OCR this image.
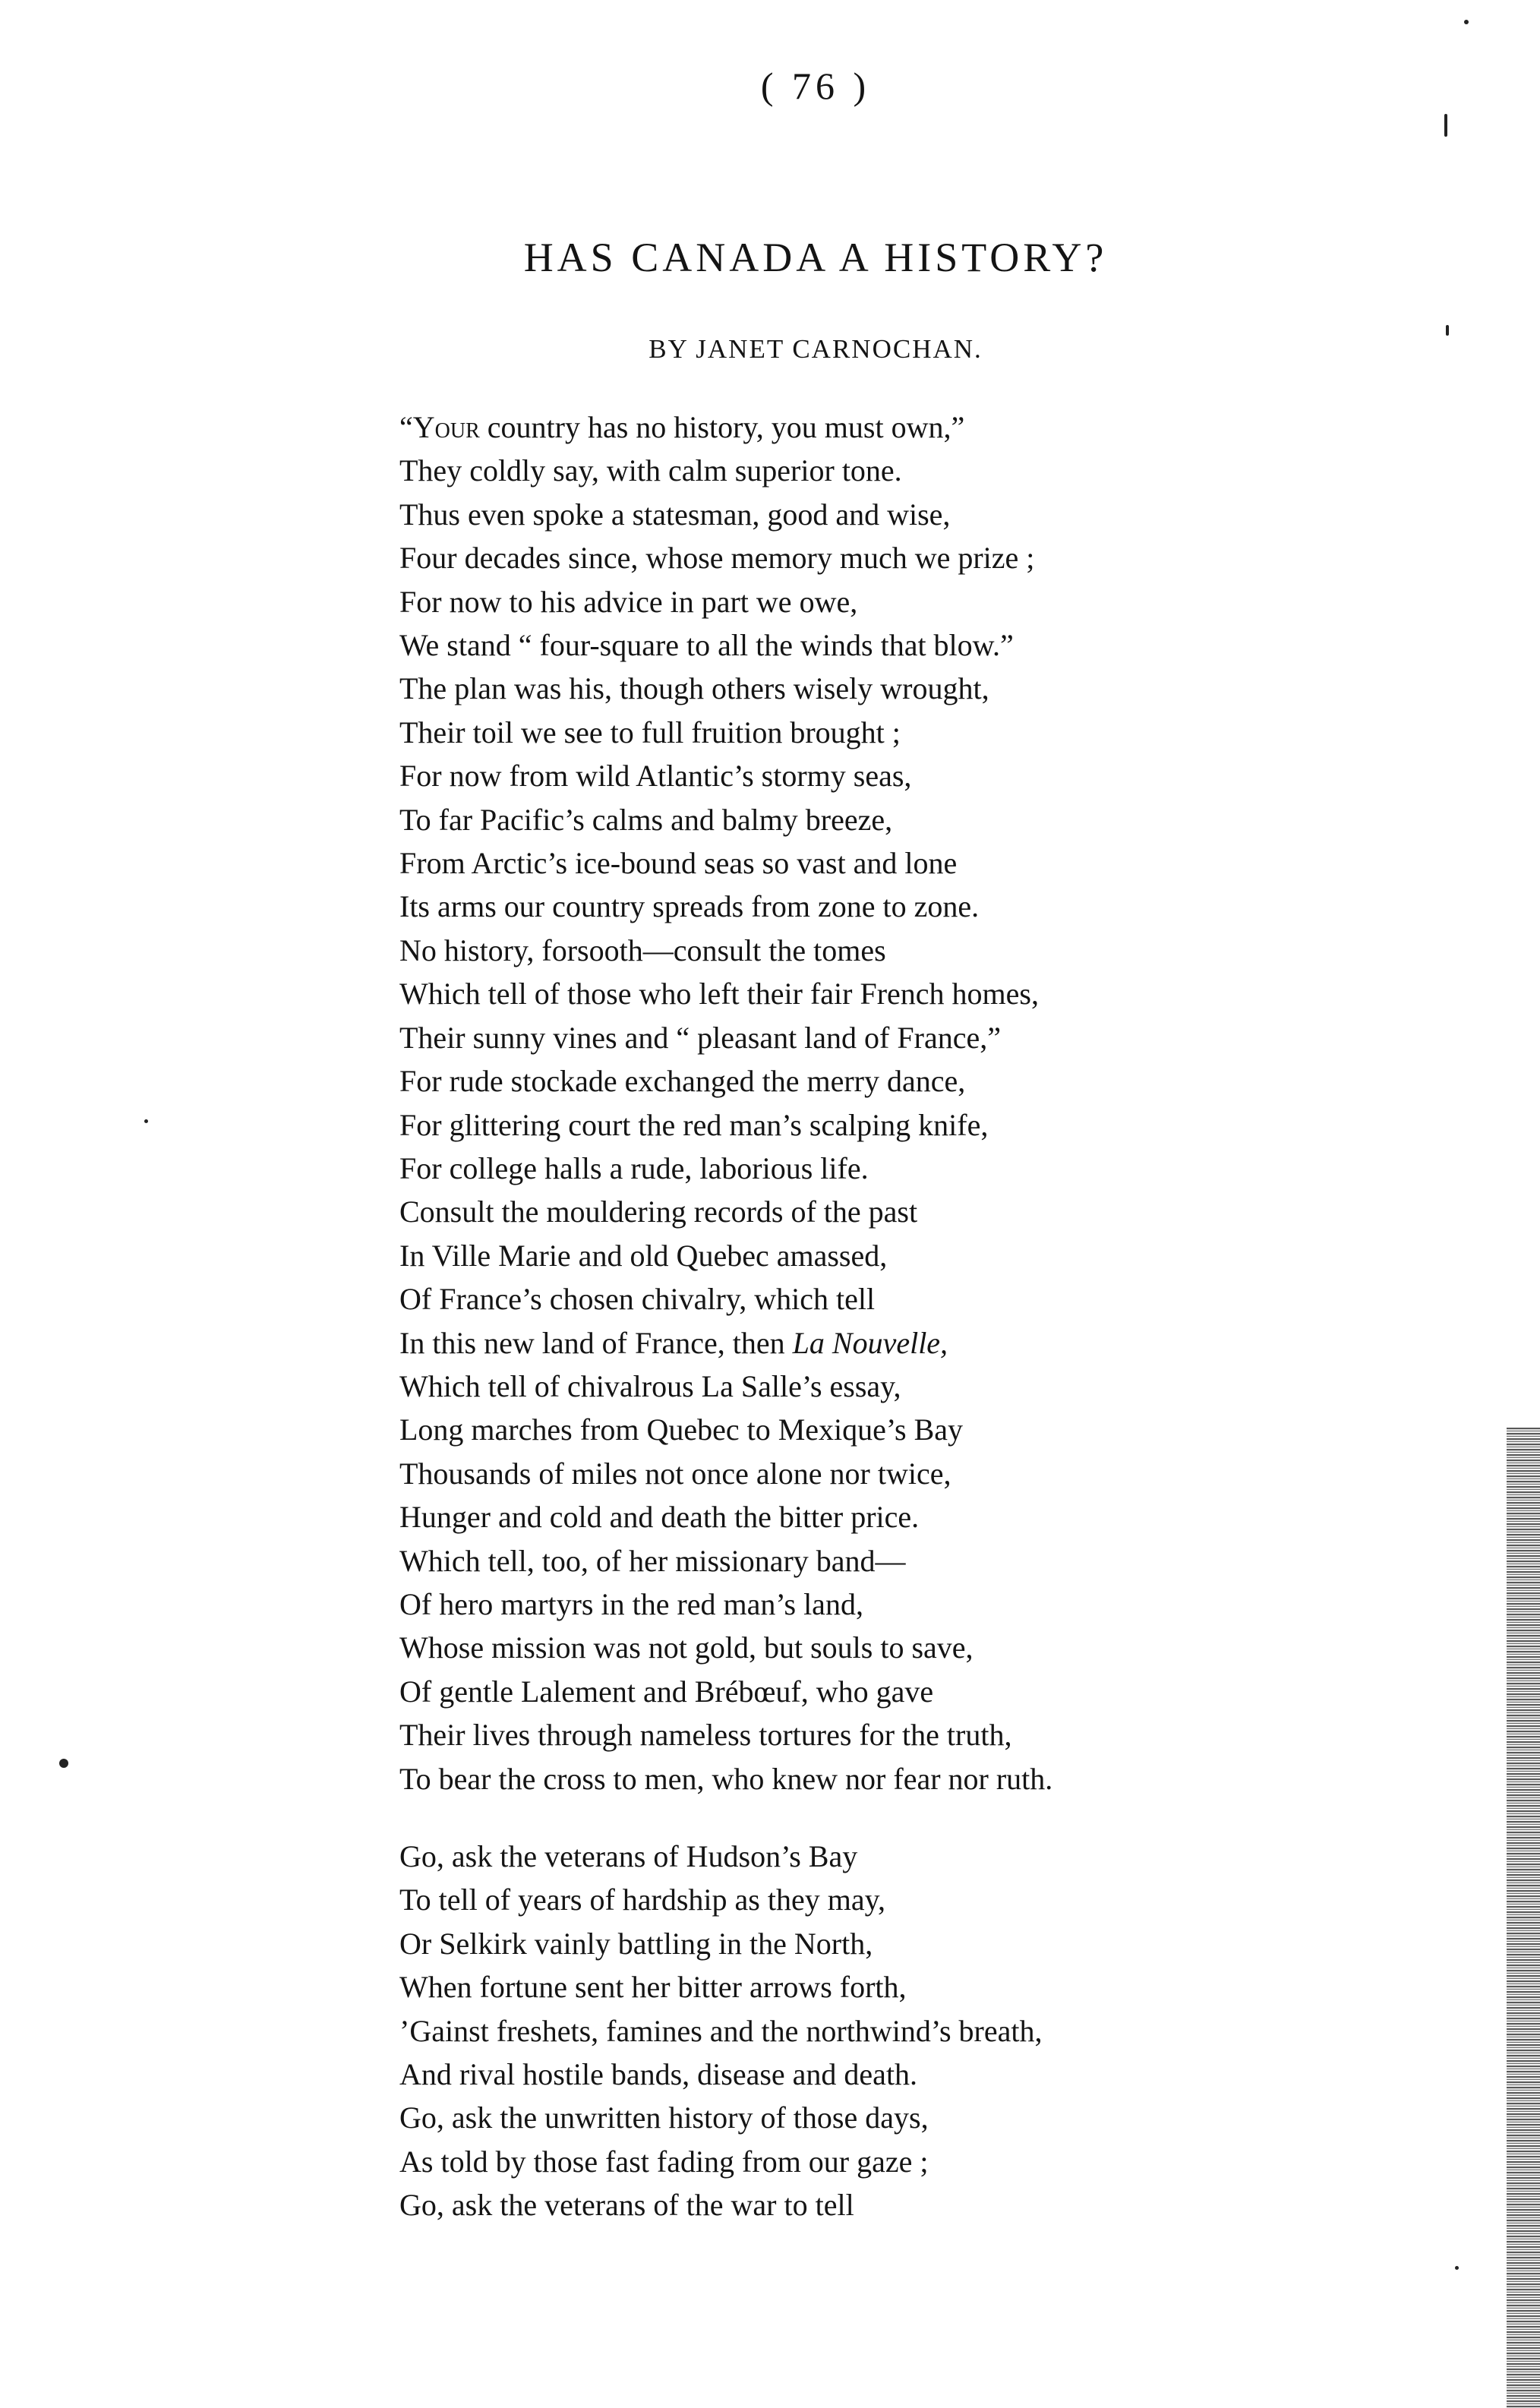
( 76 )
HAS CANADA A HISTORY?
BY JANET CARNOCHAN.
“Your country has no history, you must own,”
They coldly say, with calm superior tone.
Thus even spoke a statesman, good and wise,
Four decades since, whose memory much we prize ;
For now to his advice in part we owe,
We stand “ four-square to all the winds that blow.”
The plan was his, though others wisely wrought,
Their toil we see to full fruition brought ;
For now from wild Atlantic’s stormy seas,
To far Pacific’s calms and balmy breeze,
From Arctic’s ice-bound seas so vast and lone
Its arms our country spreads from zone to zone.
No history, forsooth—consult the tomes
Which tell of those who left their fair French homes,
Their sunny vines and “ pleasant land of France,”
For rude stockade exchanged the merry dance,
For glittering court the red man’s scalping knife,
For college halls a rude, laborious life.
Consult the mouldering records of the past
In Ville Marie and old Quebec amassed,
Of France’s chosen chivalry, which tell
In this new land of France, then La Nouvelle,
Which tell of chivalrous La Salle’s essay,
Long marches from Quebec to Mexique’s Bay
Thousands of miles not once alone nor twice,
Hunger and cold and death the bitter price.
Which tell, too, of her missionary band—
Of hero martyrs in the red man’s land,
Whose mission was not gold, but souls to save,
Of gentle Lalement and Brébœuf, who gave
Their lives through nameless tortures for the truth,
To bear the cross to men, who knew nor fear nor ruth.
Go, ask the veterans of Hudson’s Bay
To tell of years of hardship as they may,
Or Selkirk vainly battling in the North,
When fortune sent her bitter arrows forth,
’Gainst freshets, famines and the northwind’s breath,
And rival hostile bands, disease and death.
Go, ask the unwritten history of those days,
As told by those fast fading from our gaze ;
Go, ask the veterans of the war to tell
